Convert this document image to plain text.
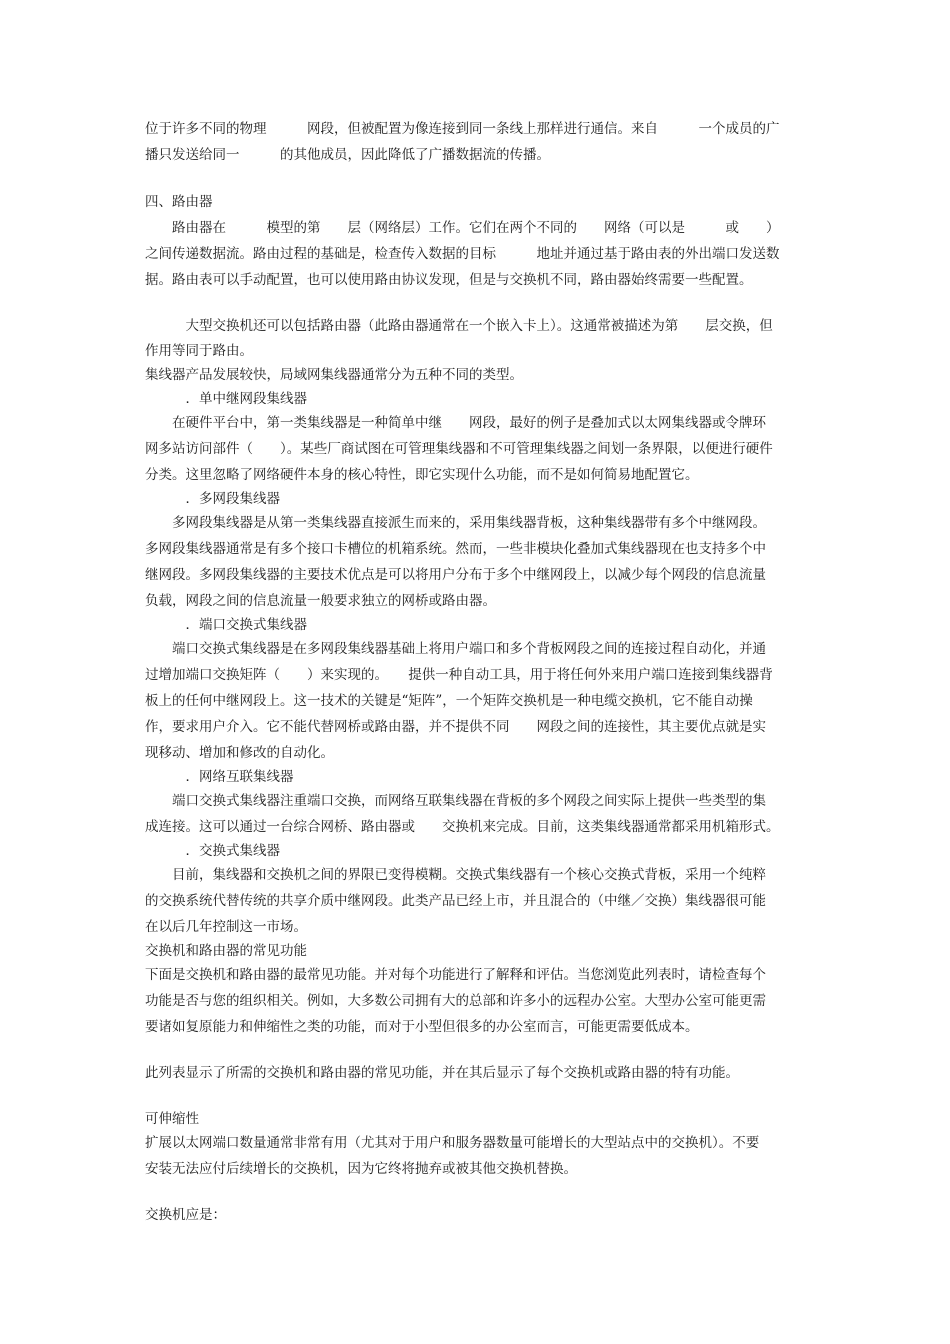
位于许多不同的物理　　　网段，但被配置为像连接到同一条线上那样进行通信。来自　　　一个成员的广
播只发送给同一　　　的其他成员，因此降低了广播数据流的传播。
四、路由器
　　路由器在　　　模型的第　　层（网络层）工作。它们在两个不同的　　网络（可以是　　　或　　）
之间传递数据流。路由过程的基础是，检查传入数据的目标　　　地址并通过基于路由表的外出端口发送数
据。路由表可以手动配置，也可以使用路由协议发现，但是与交换机不同，路由器始终需要一些配置。
　　　大型交换机还可以包括路由器（此路由器通常在一个嵌入卡上）。这通常被描述为第　　层交换，但
作用等同于路由。
集线器产品发展较快，局域网集线器通常分为五种不同的类型。
　　　．单中继网段集线器
　　在硬件平台中，第一类集线器是一种简单中继　　网段，最好的例子是叠加式以太网集线器或令牌环
网多站访问部件（　　）。某些厂商试图在可管理集线器和不可管理集线器之间划一条界限，以便进行硬件
分类。这里忽略了网络硬件本身的核心特性，即它实现什么功能，而不是如何简易地配置它。
　　　．多网段集线器
　　多网段集线器是从第一类集线器直接派生而来的，采用集线器背板，这种集线器带有多个中继网段。
多网段集线器通常是有多个接口卡槽位的机箱系统。然而，一些非模块化叠加式集线器现在也支持多个中
继网段。多网段集线器的主要技术优点是可以将用户分布于多个中继网段上，以减少每个网段的信息流量
负载，网段之间的信息流量一般要求独立的网桥或路由器。
　　　．端口交换式集线器
　　端口交换式集线器是在多网段集线器基础上将用户端口和多个背板网段之间的连接过程自动化，并通
过增加端口交换矩阵（　　）来实现的。　　提供一种自动工具，用于将任何外来用户端口连接到集线器背
板上的任何中继网段上。这一技术的关键是“矩阵”，一个矩阵交换机是一种电缆交换机，它不能自动操
作，要求用户介入。它不能代替网桥或路由器，并不提供不同　　网段之间的连接性，其主要优点就是实
现移动、增加和修改的自动化。
　　　．网络互联集线器
　　端口交换式集线器注重端口交换，而网络互联集线器在背板的多个网段之间实际上提供一些类型的集
成连接。这可以通过一台综合网桥、路由器或　　交换机来完成。目前，这类集线器通常都采用机箱形式。
　　　．交换式集线器
　　目前，集线器和交换机之间的界限已变得模糊。交换式集线器有一个核心交换式背板，采用一个纯粹
的交换系统代替传统的共享介质中继网段。此类产品已经上市，并且混合的（中继／交换）集线器很可能
在以后几年控制这一市场。
交换机和路由器的常见功能
下面是交换机和路由器的最常见功能。并对每个功能进行了解释和评估。当您浏览此列表时，请检查每个
功能是否与您的组织相关。例如，大多数公司拥有大的总部和许多小的远程办公室。大型办公室可能更需
要诸如复原能力和伸缩性之类的功能，而对于小型但很多的办公室而言，可能更需要低成本。
此列表显示了所需的交换机和路由器的常见功能，并在其后显示了每个交换机或路由器的特有功能。
可伸缩性
扩展以太网端口数量通常非常有用（尤其对于用户和服务器数量可能增长的大型站点中的交换机）。不要
安装无法应付后续增长的交换机，因为它终将抛弃或被其他交换机替换。
交换机应是：
